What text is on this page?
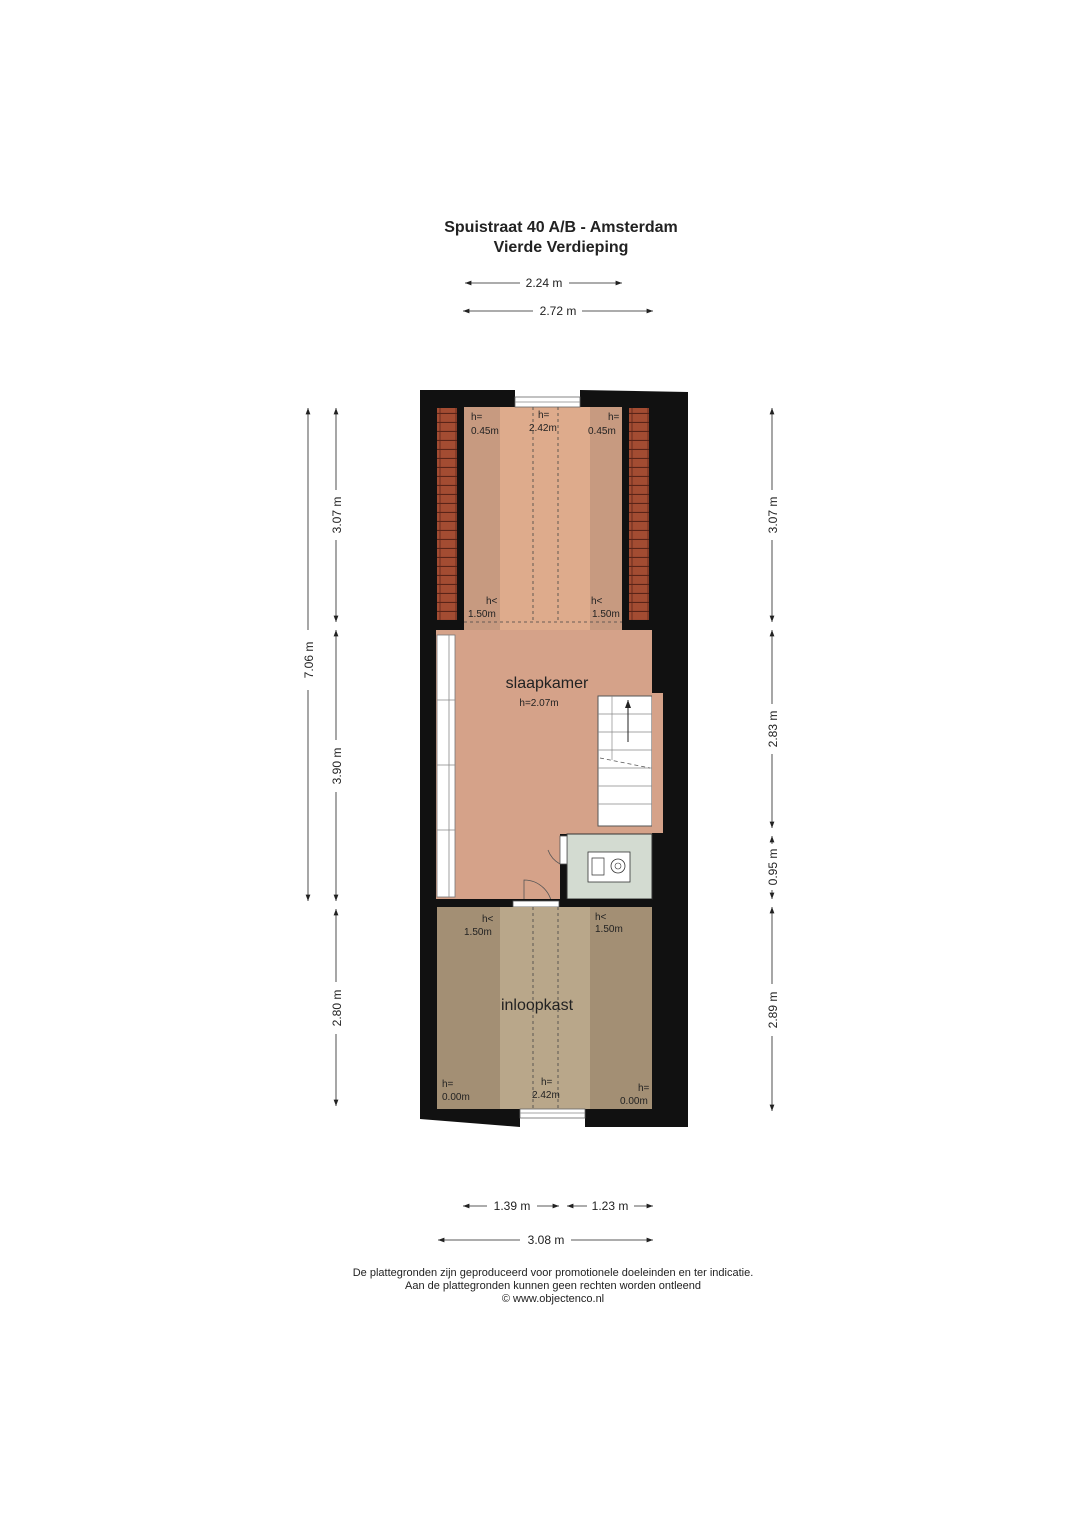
Spuistraat 40 A/B - Amsterdam
Vierde Verdieping
slaapkamer
h=2.07m
inloopkast
h= 0.45m
h= 2.42m
h= 0.45m
h< 1.50m
h< 1.50m
h< 1.50m
h< 1.50m
h= 0.00m
h= 2.42m
h= 0.00m
2.24 m
2.72 m
1.39 m	1.23 m
3.08 m
7.06 m
3.07 m
3.90 m
2.80 m
3.07 m
2.83 m
0.95 m
2.89 m
De plattegronden zijn geproduceerd voor promotionele doeleinden en ter indicatie.
Aan de plattegronden kunnen geen rechten worden ontleend
© www.objectenco.nl
